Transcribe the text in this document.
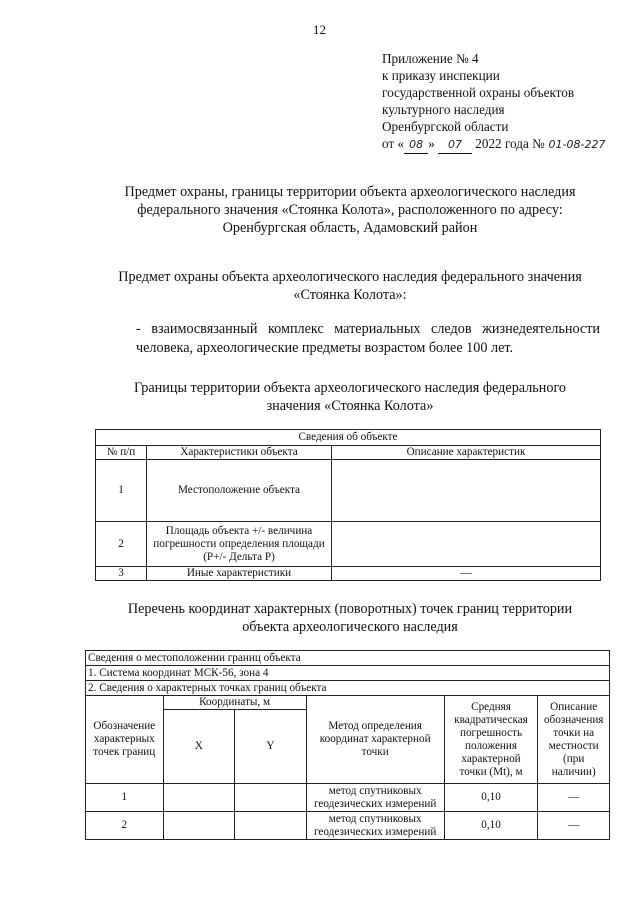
12
Приложение № 4
к приказу инспекции
государственной охраны объектов
культурного наследия
Оренбургской области
от « 08 » 07 2022 года № 01-08-227
Предмет охраны, границы территории объекта археологического наследия
федерального значения «Стоянка Колота», расположенного по адресу:
Оренбургская область, Адамовский район
Предмет охраны объекта археологического наследия федерального значения
«Стоянка Колота»:
- взаимосвязанный комплекс материальных следов жизнедеятельности человека, археологические предметы возрастом более 100 лет.
Границы территории объекта археологического наследия федерального
значения «Стоянка Колота»
Сведения об объекте		
№ п/п	Характеристики объекта	Описание характеристик
1	Местоположение объекта	
2	Площадь объекта +/- величина погрешности определения площади (P+/- Дельта P)	
3	Иные характеристики	—
Перечень координат характерных (поворотных) точек границ территории
объекта археологического наследия
Сведения о местоположении границ объекта					
1. Система координат МСК-56, зона 4					
2. Сведения о характерных точках границ объекта					
Обозначение характерных точек границ	Координаты, м		Метод определения координат характерной точки	Средняя квадратическая погрешность положения характерной точки (Mt), м	Описание обозначения точки на местности (при наличии)
	X	Y			
1			метод спутниковых геодезических измерений	0,10	—
2			метод спутниковых геодезических измерений	0,10	—
